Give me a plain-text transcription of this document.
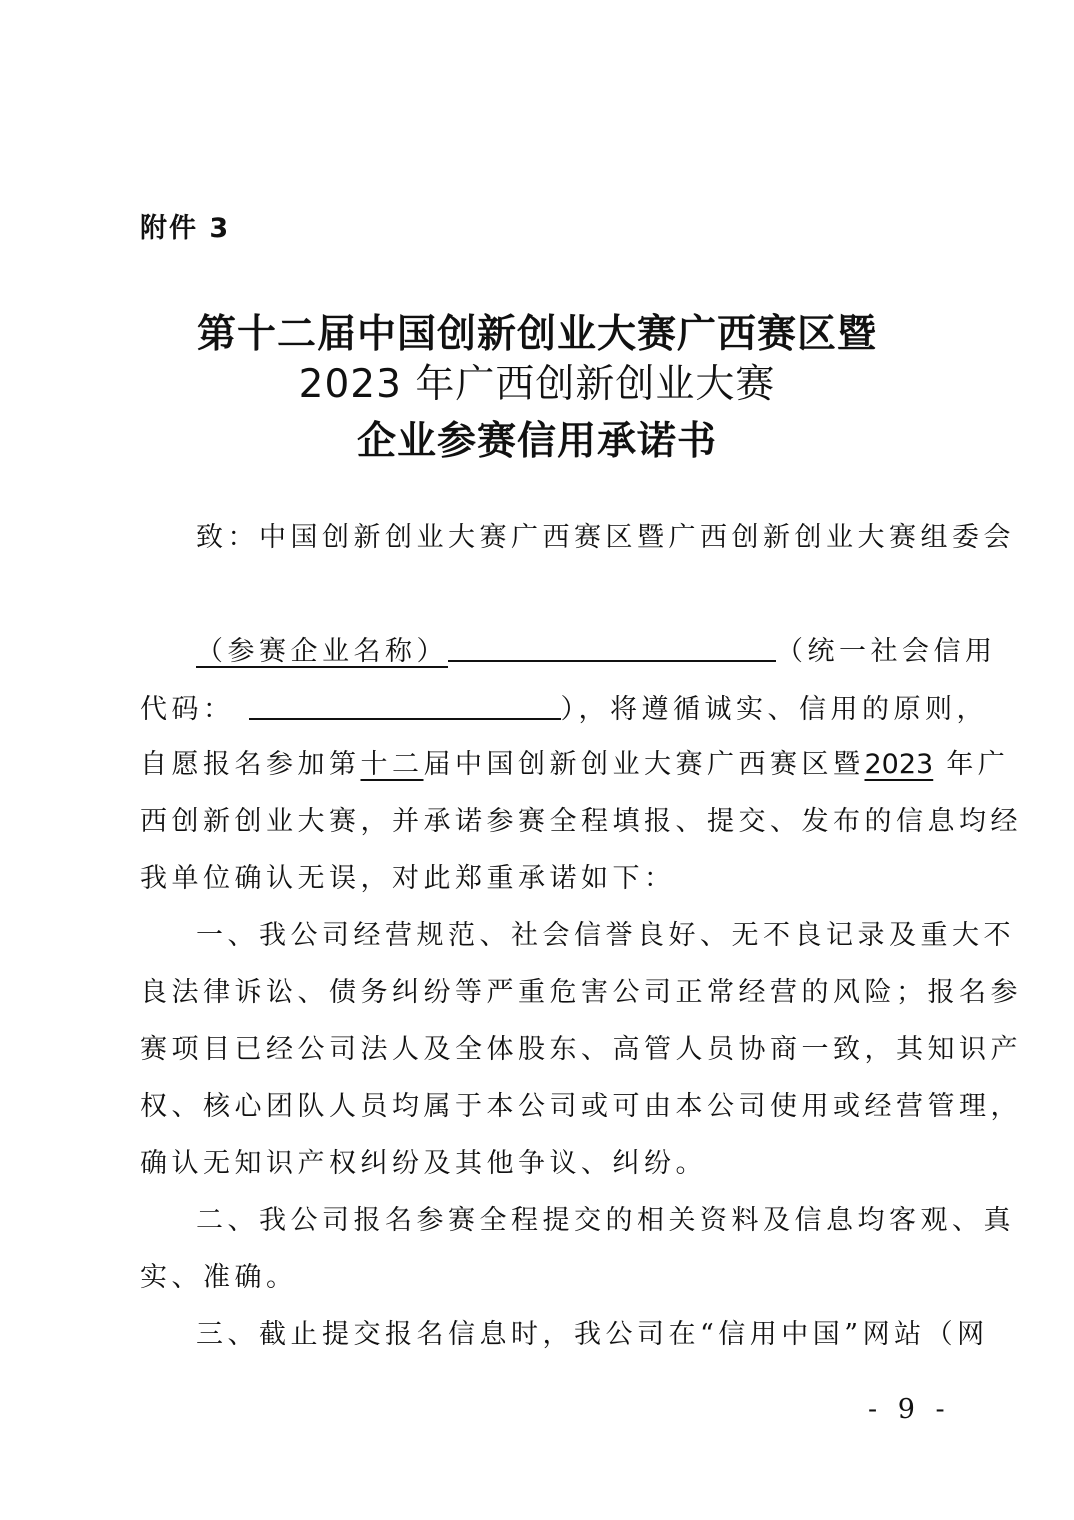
附件 3
第十二届中国创新创业大赛广西赛区暨
2023 年广西创新创业大赛
企业参赛信用承诺书
致：中国创新创业大赛广西赛区暨广西创新创业大赛组委会
（参赛企业名称）	（统一社会信用
代码：	），将遵循诚实、信用的原则，
自愿报名参加第十二届中国创新创业大赛广西赛区暨2023 年广
西创新创业大赛，并承诺参赛全程填报、提交、发布的信息均经
我单位确认无误，对此郑重承诺如下：
一、我公司经营规范、社会信誉良好、无不良记录及重大不
良法律诉讼、债务纠纷等严重危害公司正常经营的风险；报名参
赛项目已经公司法人及全体股东、高管人员协商一致，其知识产
权、核心团队人员均属于本公司或可由本公司使用或经营管理，
确认无知识产权纠纷及其他争议、纠纷。
二、我公司报名参赛全程提交的相关资料及信息均客观、真
实、准确。
三、截止提交报名信息时，我公司在“信用中国”网站（网
- 9 -
